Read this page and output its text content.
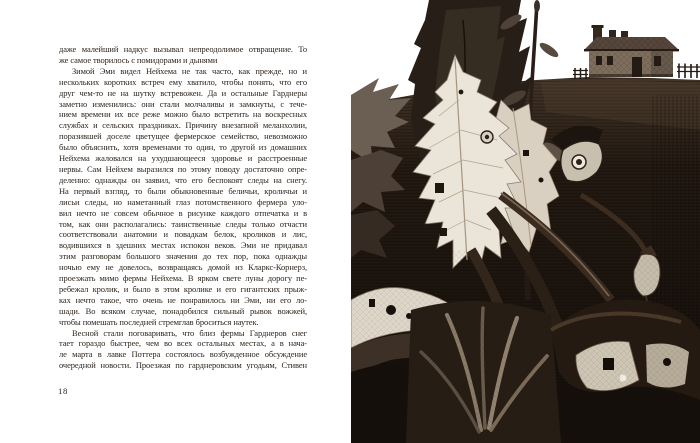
даже малейший надкус вызывал непреодолимое отвращение. То
же самое творилось с помидорами и дынями
Зимой Эми видел Нейхема не так часто, как прежде, но и
нескольких коротких встреч ему хватило, чтобы понять, что его
друг чем-то не на шутку встревожен. Да и остальные Гарднеры
заметно изменились: они стали молчаливы и замкнуты, с тече-
нием времени их все реже можно было встретить на воскресных
службах и сельских праздниках. Причину внезапной меланхолии,
поразившей доселе цветущее фермерское семейство, невозможно
было объяснить, хотя временами то один, то другой из домашних
Нейхема жаловался на ухудшающееся здоровье и расстроенные
нервы. Сам Нейхем выразился по этому поводу достаточно опре-
деленно: однажды он заявил, что его беспокоят следы на снегу.
На первый взгляд, то были обыкновенные беличьи, кроличьи и
лисьи следы, но наметанный глаз потомственного фермера уло-
вил нечто не совсем обычное в рисунке каждого отпечатка и в
том, как они располагались: таинственные следы только отчасти
соответствовали анатомии и повадкам белок, кроликов и лис,
водившихся в здешних местах испокон веков. Эми не придавал
этим разговорам большого значения до тех пор, пока однажды
ночью ему не довелось, возвращаясь домой из Кларкс-Корнерз,
проезжать мимо фермы Нейхема. В ярком свете луны дорогу пе-
ребежал кролик, и было в этом кролике и его гигантских прыж-
ках нечто такое, что очень не понравилось ни Эми, ни его ло-
шади. Во всяком случае, понадобился сильный рывок вожжей,
чтобы помешать последней стремглав броситься наутек.
Весной стали поговаривать, что близ фермы Гарднеров снег
тает гораздо быстрее, чем во всех остальных местах, а в нача-
ле марта в лавке Поттера состоялось возбужденное обсуждение
очередной новости. Проезжая по гарднеровским угодьям, Стивен
18
